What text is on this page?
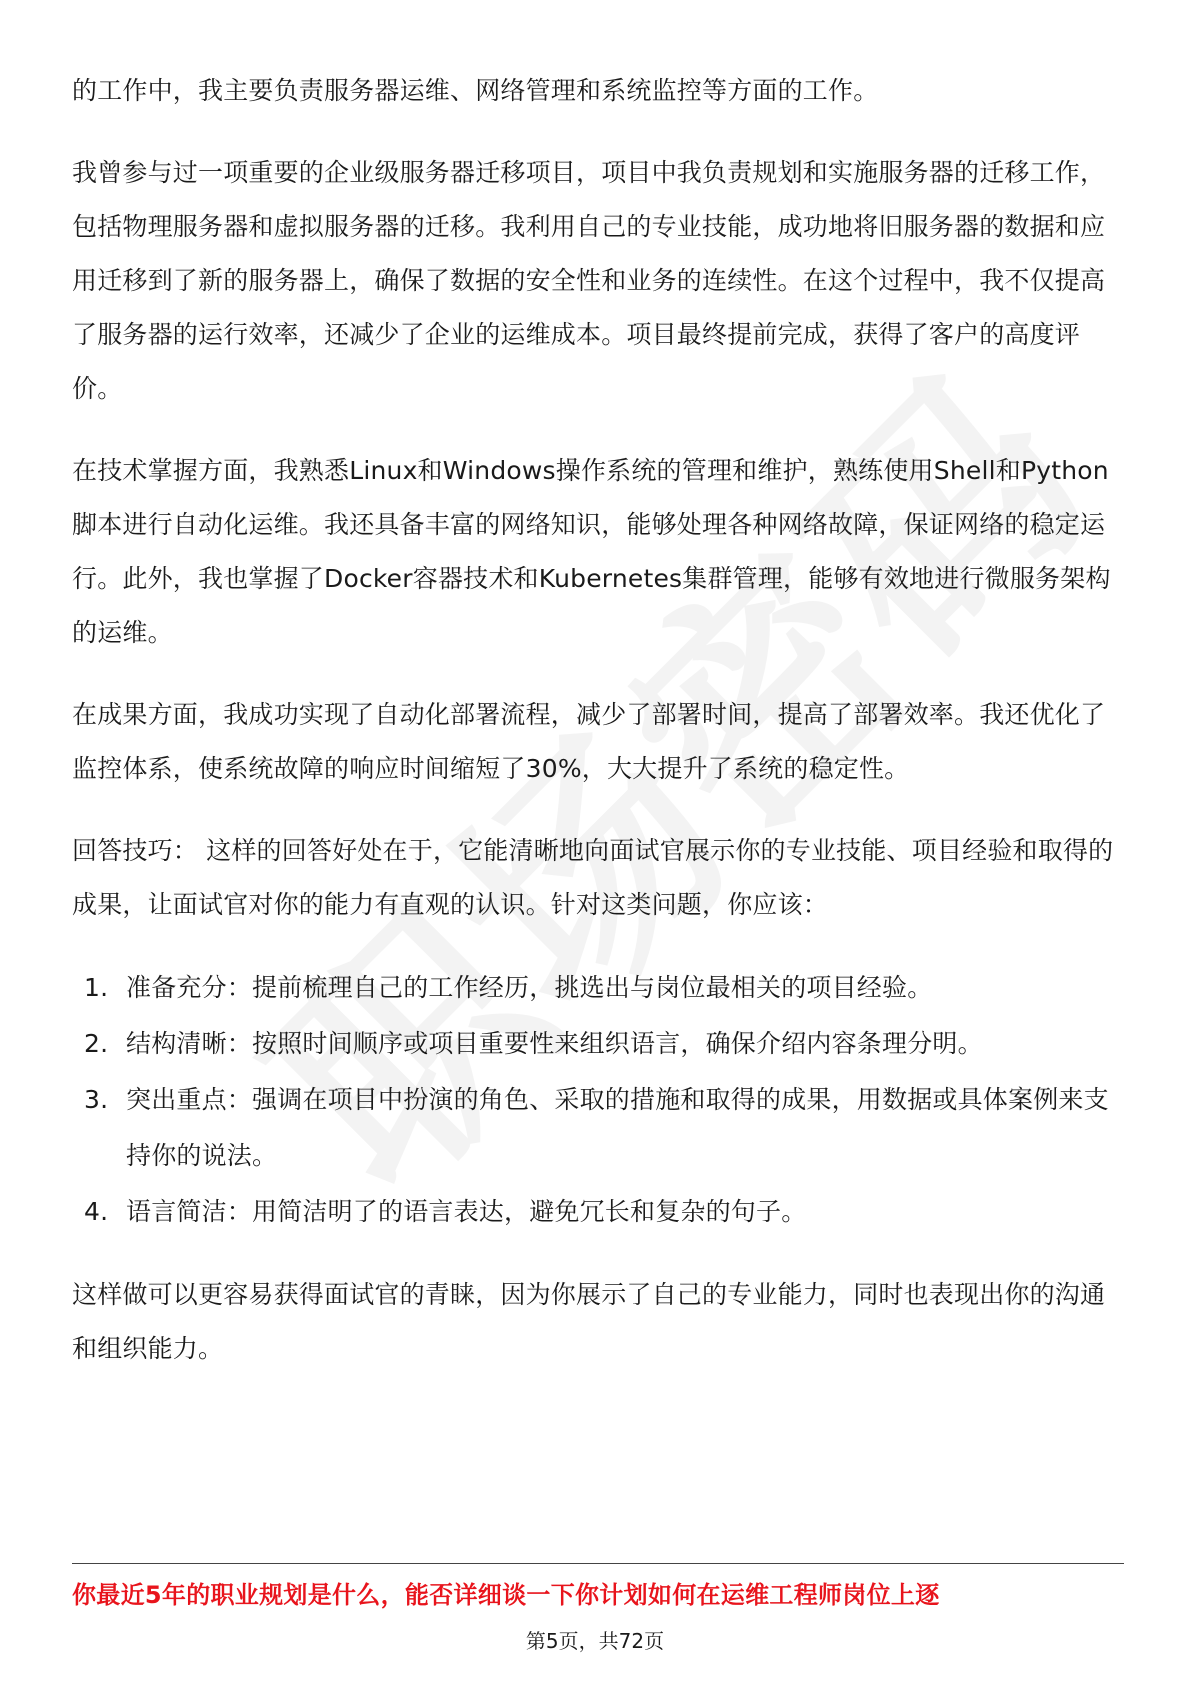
的工作中，我主要负责服务器运维、网络管理和系统监控等方面的工作。

我曾参与过一项重要的企业级服务器迁移项目，项目中我负责规划和实施服务器的迁移工作，包括物理服务器和虚拟服务器的迁移。我利用自己的专业技能，成功地将旧服务器的数据和应用迁移到了新的服务器上，确保了数据的安全性和业务的连续性。在这个过程中，我不仅提高了服务器的运行效率，还减少了企业的运维成本。项目最终提前完成，获得了客户的高度评价。

在技术掌握方面，我熟悉Linux和Windows操作系统的管理和维护，熟练使用Shell和Python脚本进行自动化运维。我还具备丰富的网络知识，能够处理各种网络故障，保证网络的稳定运行。此外，我也掌握了Docker容器技术和Kubernetes集群管理，能够有效地进行微服务架构的运维。

在成果方面，我成功实现了自动化部署流程，减少了部署时间，提高了部署效率。我还优化了监控体系，使系统故障的响应时间缩短了30%，大大提升了系统的稳定性。

回答技巧： 这样的回答好处在于，它能清晰地向面试官展示你的专业技能、项目经验和取得的成果，让面试官对你的能力有直观的认识。针对这类问题，你应该：

1. 准备充分：提前梳理自己的工作经历，挑选出与岗位最相关的项目经验。
2. 结构清晰：按照时间顺序或项目重要性来组织语言，确保介绍内容条理分明。
3. 突出重点：强调在项目中扮演的角色、采取的措施和取得的成果，用数据或具体案例来支持你的说法。
4. 语言简洁：用简洁明了的语言表达，避免冗长和复杂的句子。

这样做可以更容易获得面试官的青睐，因为你展示了自己的专业能力，同时也表现出你的沟通和组织能力。

你最近5年的职业规划是什么，能否详细谈一下你计划如何在运维工程师岗位上逐
第5页，共72页
